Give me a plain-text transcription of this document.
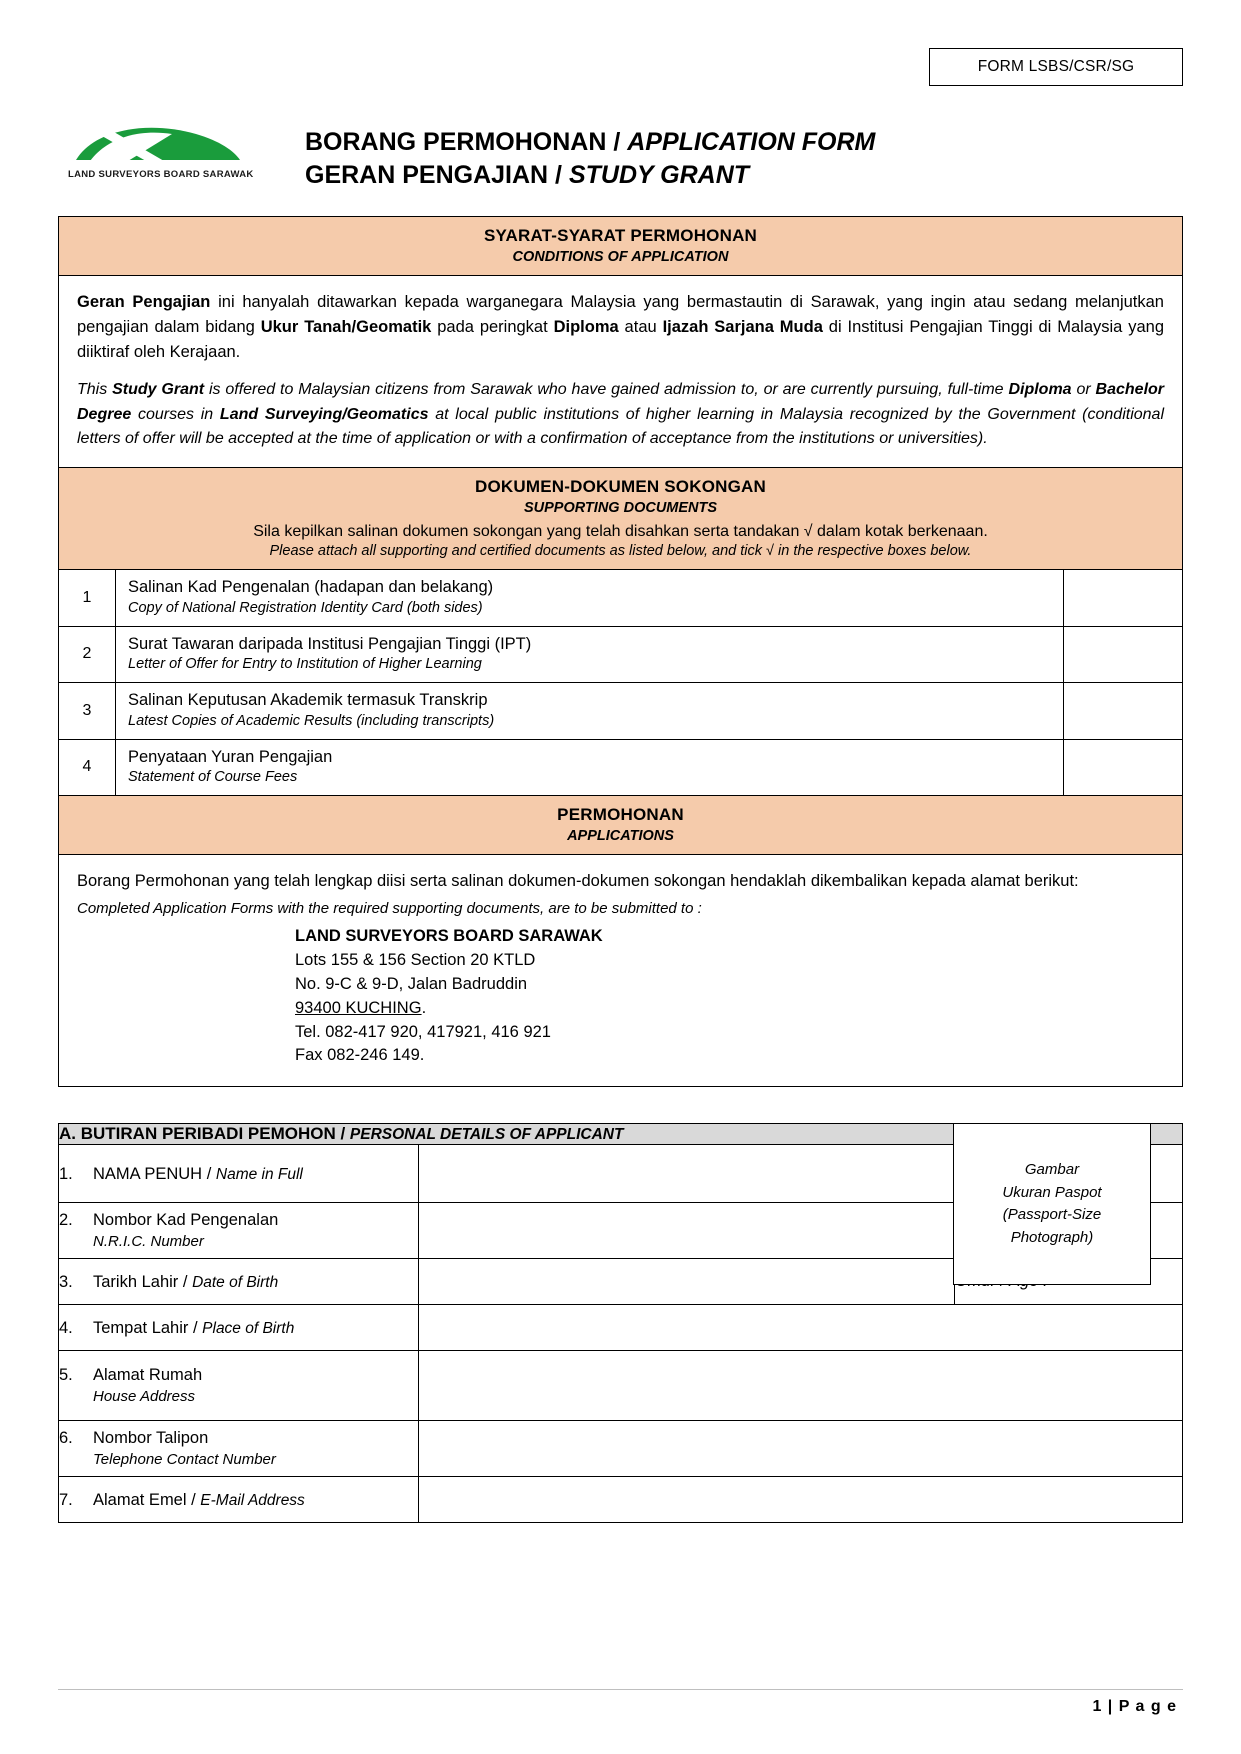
FORM LSBS/CSR/SG
LAND SURVEYORS BOARD SARAWAK
BORANG PERMOHONAN / APPLICATION FORM
GERAN PENGAJIAN / STUDY GRANT
SYARAT-SYARAT PERMOHONAN
CONDITIONS OF APPLICATION

Geran Pengajian ini hanyalah ditawarkan kepada warganegara Malaysia yang bermastautin di Sarawak, yang ingin atau sedang melanjutkan pengajian dalam bidang Ukur Tanah/Geomatik pada peringkat Diploma atau Ijazah Sarjana Muda di Institusi Pengajian Tinggi di Malaysia yang diiktiraf oleh Kerajaan.

This Study Grant is offered to Malaysian citizens from Sarawak who have gained admission to, or are currently pursuing, full-time Diploma or Bachelor Degree courses in Land Surveying/Geomatics at local public institutions of higher learning in Malaysia recognized by the Government (conditional letters of offer will be accepted at the time of application or with a confirmation of acceptance from the institutions or universities).

DOKUMEN-DOKUMEN SOKONGAN
SUPPORTING DOCUMENTS
Sila kepilkan salinan dokumen sokongan yang telah disahkan serta tandakan √ dalam kotak berkenaan.
Please attach all supporting and certified documents as listed below, and tick √ in the respective boxes below.
1	Salinan Kad Pengenalan (hadapan dan belakang)
Copy of National Registration Identity Card (both sides)	

2	Surat Tawaran daripada Institusi Pengajian Tinggi (IPT)
Letter of Offer for Entry to Institution of Higher Learning	

3	Salinan Keputusan Akademik termasuk Transkrip
Latest Copies of Academic Results (including transcripts)	

4	Penyataan Yuran Pengajian
Statement of Course Fees	

PERMOHONAN
APPLICATIONS

Borang Permohonan yang telah lengkap diisi serta salinan dokumen-dokumen sokongan hendaklah dikembalikan kepada alamat berikut:

Completed Application Forms with the required supporting documents, are to be submitted to :
LAND SURVEYORS BOARD SARAWAK
Lots 155 & 156 Section 20 KTLD
No. 9-C & 9-D, Jalan Badruddin
93400 KUCHING.
Tel. 082-417 920, 417921, 416 921
Fax 082-246 149.
Gambar
Ukuran Paspot
(Passport-Size
Photograph)
A. BUTIRAN PERIBADI PEMOHON / PERSONAL DETAILS OF APPLICANT		

1. NAMA PENUH / Name in Full		

2. Nombor Kad Pengenalan
N.R.I.C. Number		

3. Tarikh Lahir / Date of Birth

4. Tempat Lahir / Place of Birth		

5. Alamat Rumah
House Address		

6. Nombor Talipon
Telephone Contact Number		

7. Alamat Emel / E-Mail Address		

1 | P a g e
